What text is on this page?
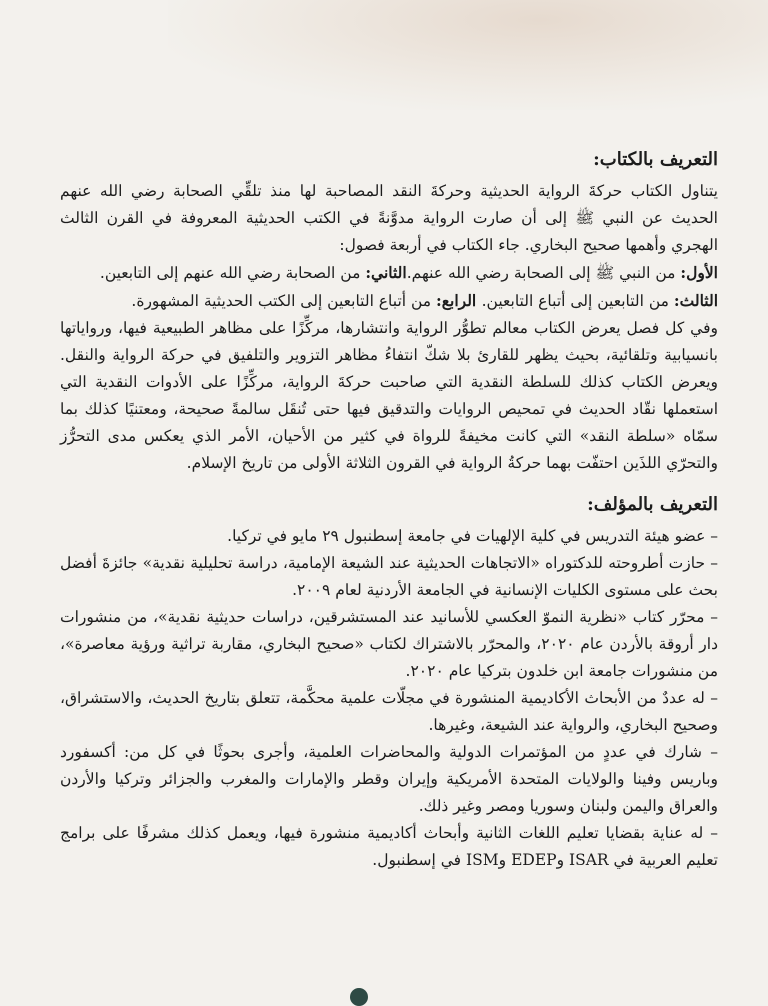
التعريف بالكتاب:

يتناول الكتاب حركةَ الرواية الحديثية وحركةَ النقد المصاحبة لها منذ تلقِّي الصحابة رضي الله عنهم الحديث عن النبي ﷺ إلى أن صارت الرواية مدوَّنةً في الكتب الحديثية المعروفة في القرن الثالث الهجري وأهمها صحيح البخاري. جاء الكتاب في أربعة فصول:

الأول: من النبي ﷺ إلى الصحابة رضي الله عنهم.الثاني: من الصحابة رضي الله عنهم إلى التابعين.

الثالث: من التابعين إلى أتباع التابعين. الرابع: من أتباع التابعين إلى الكتب الحديثية المشهورة.

وفي كل فصل يعرض الكتاب معالم تطوُّر الرواية وانتشارها، مركِّزًا على مظاهر الطبيعية فيها، ورواياتها بانسيابية وتلقائية، بحيث يظهر للقارئ بلا شكّ انتفاءُ مظاهر التزوير والتلفيق في حركة الرواية والنقل. ويعرض الكتاب كذلك للسلطة النقدية التي صاحبت حركةَ الرواية، مركِّزًا على الأدوات النقدية التي استعملها نقّاد الحديث في تمحيص الروايات والتدقيق فيها حتى تُنقَل سالمةً صحيحة، ومعتنيًا كذلك بما سمّاه «سلطة النقد» التي كانت مخيفةً للرواة في كثير من الأحيان، الأمر الذي يعكس مدى التحرُّز والتحرّي اللذَين احتفّت بهما حركةُ الرواية في القرون الثلاثة الأولى من تاريخ الإسلام.

التعريف بالمؤلف:

– عضو هيئة التدريس في كلية الإلهيات في جامعة إسطنبول ٢٩ مايو في تركيا.

– حازت أطروحته للدكتوراه «الاتجاهات الحديثية عند الشيعة الإمامية، دراسة تحليلية نقدية» جائزةَ أفضل بحث على مستوى الكليات الإنسانية في الجامعة الأردنية لعام ٢٠٠٩.

– محرّر كتاب «نظرية النموّ العكسي للأسانيد عند المستشرقين، دراسات حديثية نقدية»، من منشورات دار أروقة بالأردن عام ٢٠٢٠، والمحرّر بالاشتراك لكتاب «صحيح البخاري، مقاربة تراثية ورؤية معاصرة»، من منشورات جامعة ابن خلدون بتركيا عام ٢٠٢٠.

– له عددٌ من الأبحاث الأكاديمية المنشورة في مجلّات علمية محكَّمة، تتعلق بتاريخ الحديث، والاستشراق، وصحيح البخاري، والرواية عند الشيعة، وغيرها.

– شارك في عددٍ من المؤتمرات الدولية والمحاضرات العلمية، وأجرى بحوثًا في كل من: أكسفورد وباريس وفينا والولايات المتحدة الأمريكية وإيران وقطر والإمارات والمغرب والجزائر وتركيا والأردن والعراق واليمن ولبنان وسوريا ومصر وغير ذلك.

– له عناية بقضايا تعليم اللغات الثانية وأبحاث أكاديمية منشورة فيها، ويعمل كذلك مشرفًا على برامج تعليم العربية في ISAR وEDEP وISM في إسطنبول.
